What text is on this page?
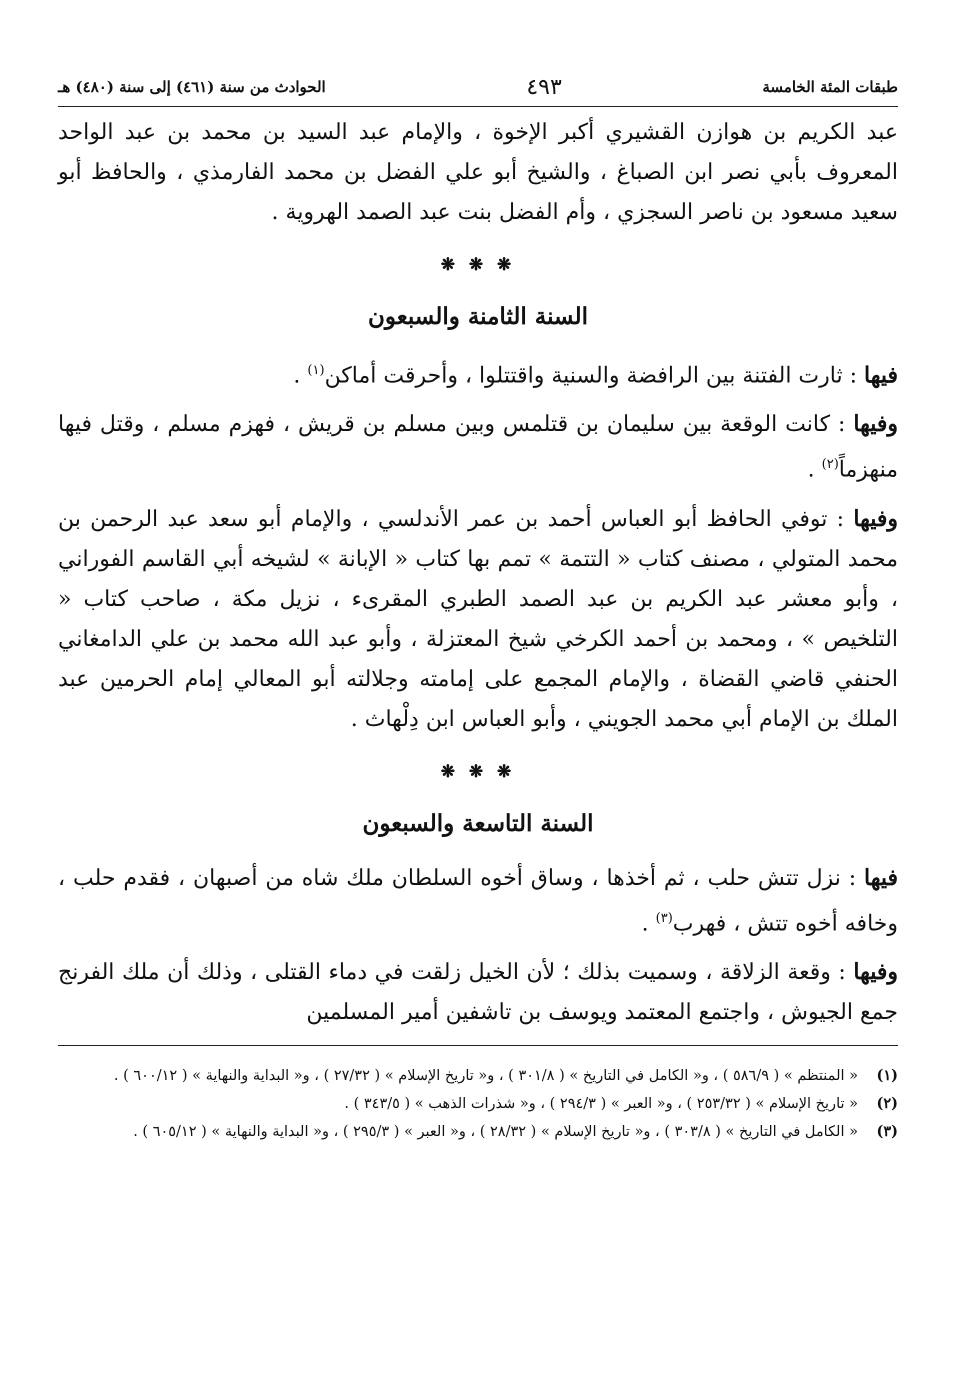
طبقات المئة الخامسة
٤٩٣
الحوادث من سنة (٤٦١) إلى سنة (٤٨٠) هـ

عبد الكريم بن هوازن القشيري أكبر الإخوة ، والإمام عبد السيد بن محمد بن عبد الواحد المعروف بأبي نصر ابن الصباغ ، والشيخ أبو علي الفضل بن محمد الفارمذي ، والحافظ أبو سعيد مسعود بن ناصر السجزي ، وأم الفضل بنت عبد الصمد الهروية .

❋ ❋ ❋
السنة الثامنة والسبعون

فيها : ثارت الفتنة بين الرافضة والسنية واقتتلوا ، وأحرقت أماكن$^{(١)}$ .

وفيها : كانت الوقعة بين سليمان بن قتلمس وبين مسلم بن قريش ، فهزم مسلم ، وقتل فيها منهزماً$^{(٢)}$ .

وفيها : توفي الحافظ أبو العباس أحمد بن عمر الأندلسي ، والإمام أبو سعد عبد الرحمن بن محمد المتولي ، مصنف كتاب « التتمة » تمم بها كتاب « الإبانة » لشيخه أبي القاسم الفوراني ، وأبو معشر عبد الكريم بن عبد الصمد الطبري المقرىء ، نزيل مكة ، صاحب كتاب « التلخيص » ، ومحمد بن أحمد الكرخي شيخ المعتزلة ، وأبو عبد الله محمد بن علي الدامغاني الحنفي قاضي القضاة ، والإمام المجمع على إمامته وجلالته أبو المعالي إمام الحرمين عبد الملك بن الإمام أبي محمد الجويني ، وأبو العباس ابن دِلْهاث .

❋ ❋ ❋
السنة التاسعة والسبعون

فيها : نزل تتش حلب ، ثم أخذها ، وساق أخوه السلطان ملك شاه من أصبهان ، فقدم حلب ، وخافه أخوه تتش ، فهرب$^{(٣)}$ .

وفيها : وقعة الزلاقة ، وسميت بذلك ؛ لأن الخيل زلقت في دماء القتلى ، وذلك أن ملك الفرنج جمع الجيوش ، واجتمع المعتمد ويوسف بن تاشفين أمير المسلمين

(١)
« المنتظم » ( ٥٨٦/٩ ) ، و« الكامل في التاريخ » ( ٣٠١/٨ ) ، و« تاريخ الإسلام » ( ٢٧/٣٢ ) ، و« البداية والنهاية » ( ٦٠٠/١٢ ) .
(٢)
« تاريخ الإسلام » ( ٢٥٣/٣٢ ) ، و« العبر » ( ٢٩٤/٣ ) ، و« شذرات الذهب » ( ٣٤٣/٥ ) .
(٣)
« الكامل في التاريخ » ( ٣٠٣/٨ ) ، و« تاريخ الإسلام » ( ٢٨/٣٢ ) ، و« العبر » ( ٢٩٥/٣ ) ، و« البداية والنهاية » ( ٦٠٥/١٢ ) .
